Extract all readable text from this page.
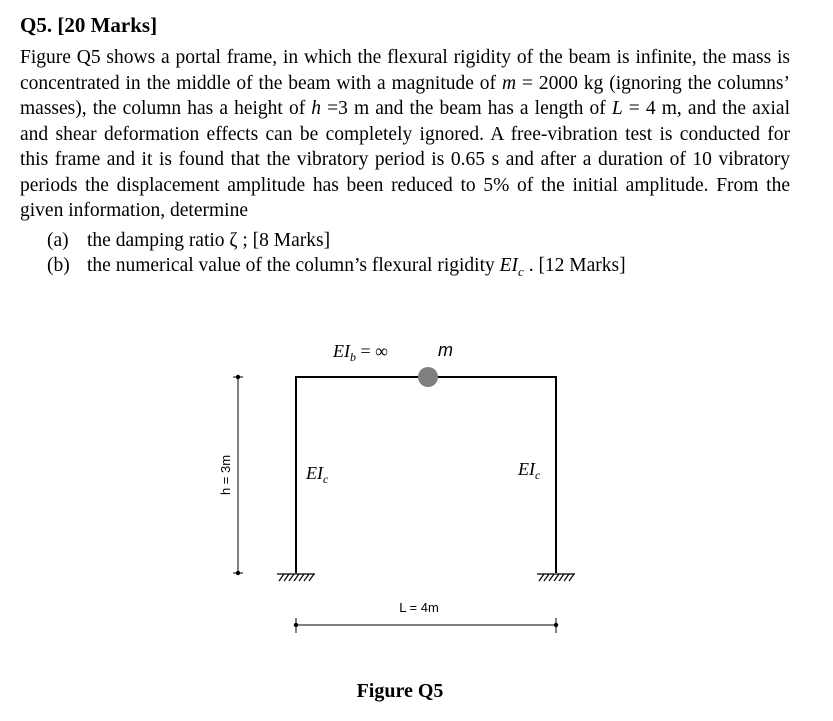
Q5. [20 Marks]
Figure Q5 shows a portal frame, in which the flexural rigidity of the beam is infinite, the mass is concentrated in the middle of the beam with a magnitude of m = 2000 kg (ignoring the columns’ masses), the column has a height of h =3 m and the beam has a length of L = 4 m, and the axial and shear deformation effects can be completely ignored. A free-vibration test is conducted for this frame and it is found that the vibratory period is 0.65 s and after a duration of 10 vibratory periods the displacement amplitude has been reduced to 5% of the initial amplitude. From the given information, determine
(a) the damping ratio ζ ; [8 Marks]
(b) the numerical value of the column’s flexural rigidity $EI_c$ . [12 Marks]
h = 3m
L = 4m
$EI_b$ = ∞	m
$EI_c$	$EI_c$
Figure Q5
